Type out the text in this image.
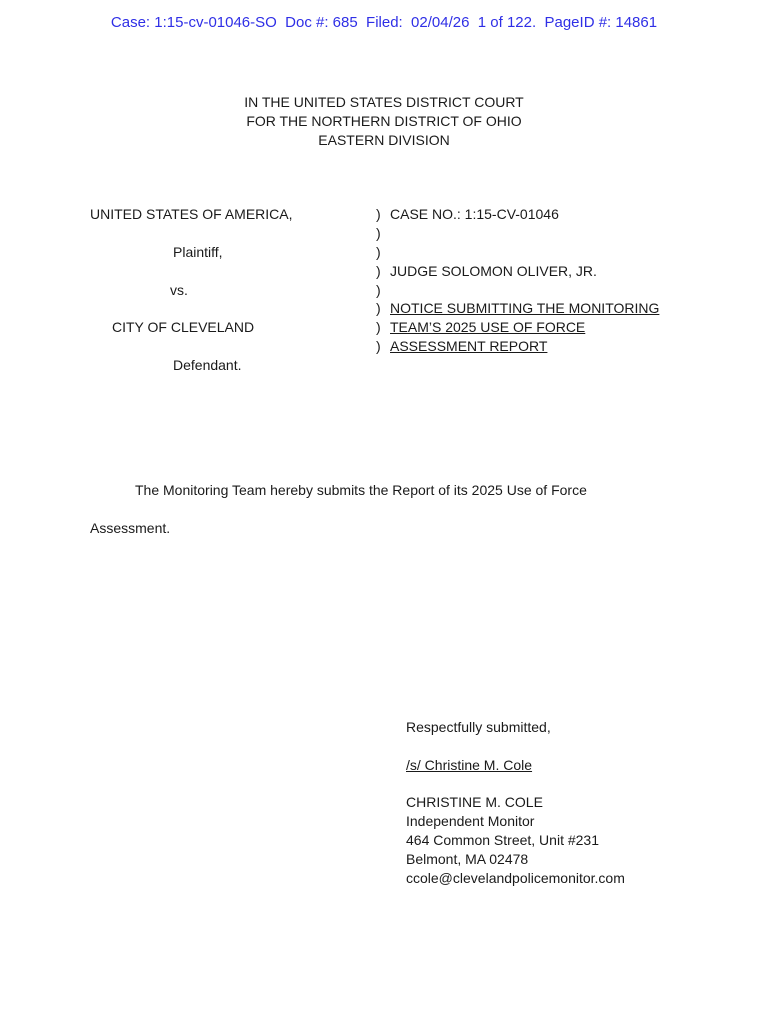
Case: 1:15-cv-01046-SO  Doc #: 685  Filed:  02/04/26  1 of 122.  PageID #: 14861
IN THE UNITED STATES DISTRICT COURT
FOR THE NORTHERN DISTRICT OF OHIO
EASTERN DIVISION
UNITED STATES OF AMERICA,
Plaintiff,
vs.
CITY OF CLEVELAND
Defendant.
)
)
)
)
)
)
)
)
CASE NO.: 1:15-CV-01046
JUDGE SOLOMON OLIVER, JR.
NOTICE SUBMITTING THE MONITORING
TEAM’S 2025 USE OF FORCE
ASSESSMENT REPORT
The Monitoring Team hereby submits the Report of its 2025 Use of Force
Assessment.
Respectfully submitted,
/s/ Christine M. Cole
CHRISTINE M. COLE
Independent Monitor
464 Common Street, Unit #231
Belmont, MA 02478
ccole@clevelandpolicemonitor.com
